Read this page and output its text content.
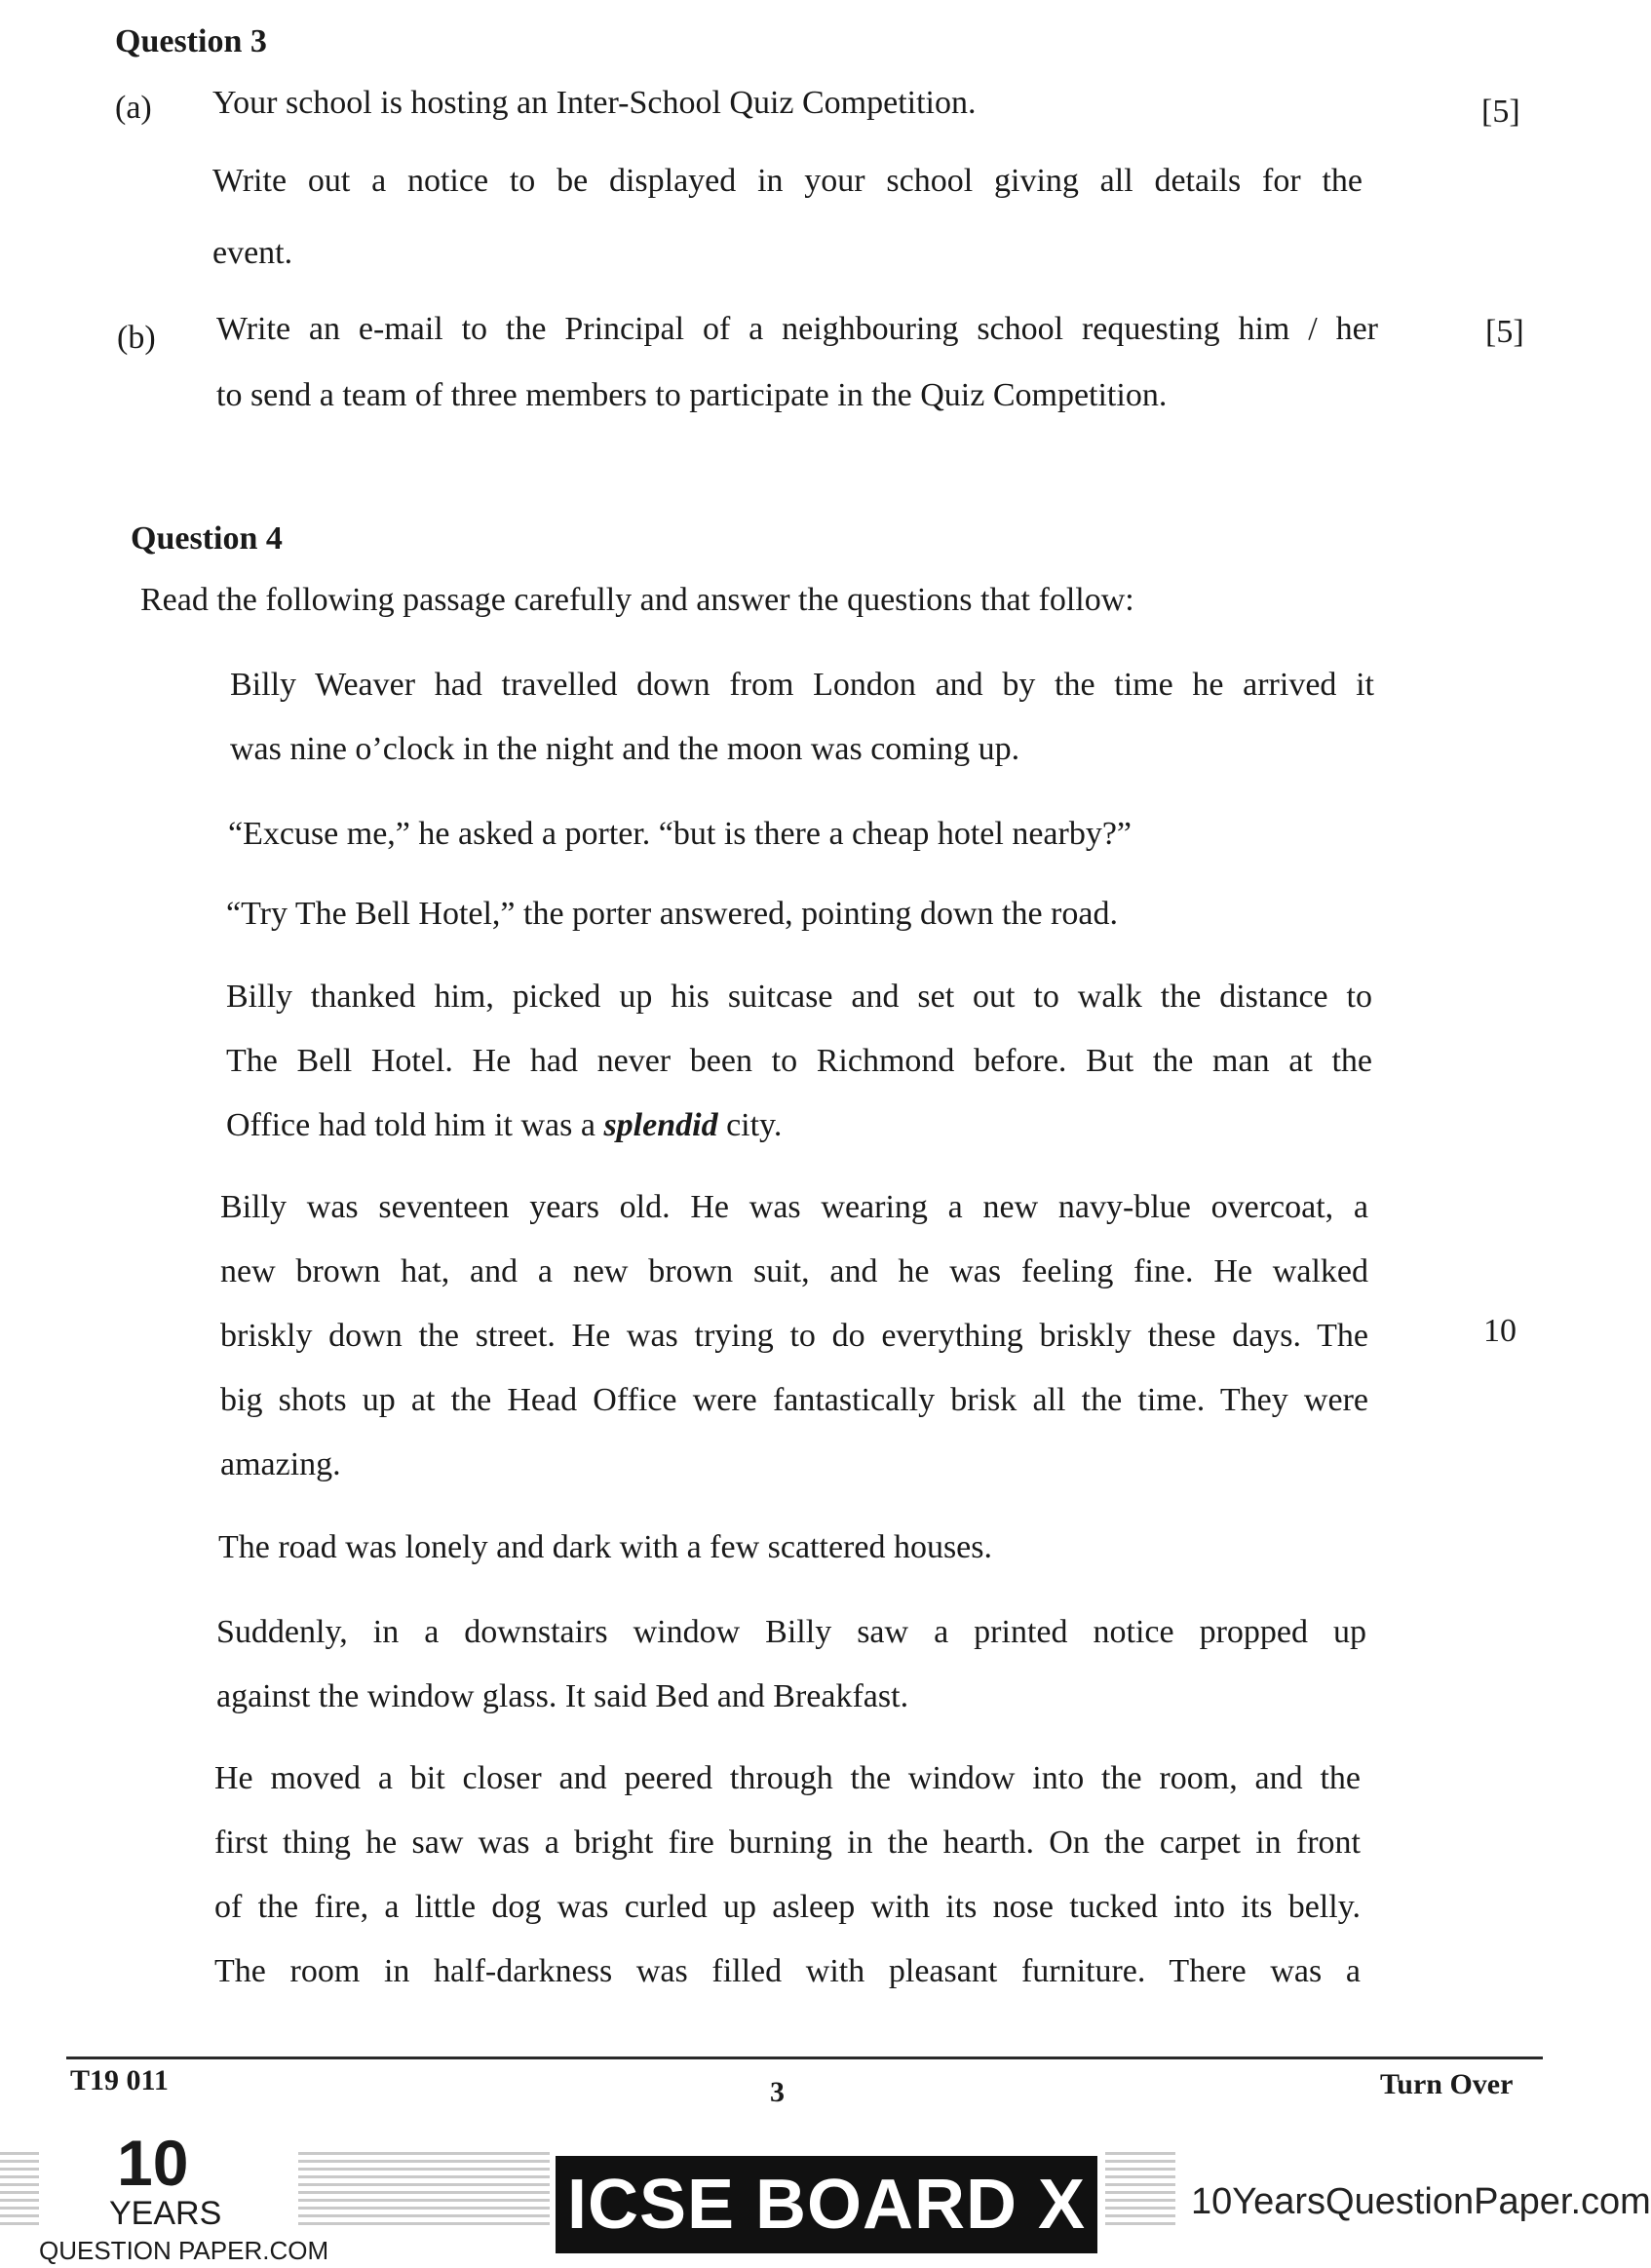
Question 3
(a) Your school is hosting an Inter-School Quiz Competition.	[5]
Write out a notice to be displayed in your school giving all details for the
event.
(b) Write an e-mail to the Principal of a neighbouring school requesting him / her	[5]
to send a team of three members to participate in the Quiz Competition.
Question 4
Read the following passage carefully and answer the questions that follow:
Billy Weaver had travelled down from London and by the time he arrived it
was nine o’clock in the night and the moon was coming up.
“Excuse me,” he asked a porter. “but is there a cheap hotel nearby?”
“Try The Bell Hotel,” the porter answered, pointing down the road.
Billy thanked him, picked up his suitcase and set out to walk the distance to
The Bell Hotel. He had never been to Richmond before. But the man at the
Office had told him it was a splendid city.
Billy was seventeen years old. He was wearing a new navy-blue overcoat, a
new brown hat, and a new brown suit, and he was feeling fine. He walked
briskly down the street. He was trying to do everything briskly these days. The
big shots up at the Head Office were fantastically brisk all the time. They were
amazing.
10
The road was lonely and dark with a few scattered houses.
Suddenly, in a downstairs window Billy saw a printed notice propped up
against the window glass. It said Bed and Breakfast.
He moved a bit closer and peered through the window into the room, and the
first thing he saw was a bright fire burning in the hearth. On the carpet in front
of the fire, a little dog was curled up asleep with its nose tucked into its belly.
The room in half-darkness was filled with pleasant furniture. There was a
T19 011	3	Turn Over
10
YEARS
QUESTION PAPER.COM
ICSE BOARD X	10YearsQuestionPaper.com
